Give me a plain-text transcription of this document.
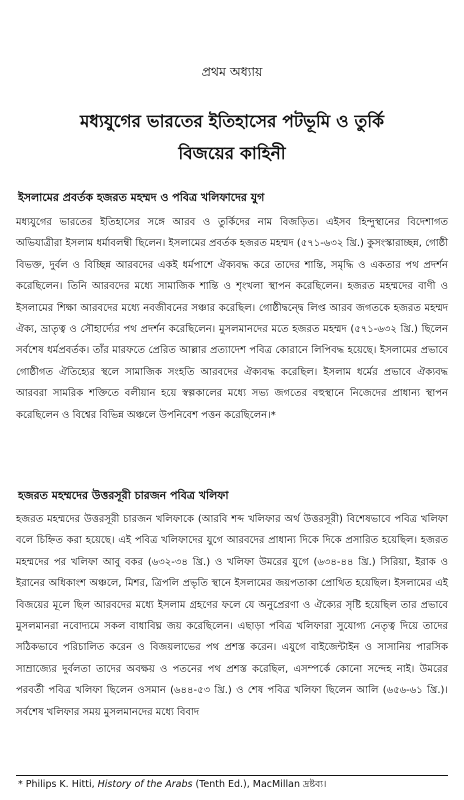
প্রথম অধ্যায়
মধ্যযুগের ভারতের ইতিহাসের পটভূমি ও তুর্কি
বিজয়ের কাহিনী
ইসলামের প্রবর্তক হজরত মহম্মদ ও পবিত্র খলিফাদের যুগ

মধ্যযুগের ভারতের ইতিহাসের সঙ্গে আরব ও তুর্কিদের নাম বিজড়িত। এইসব হিন্দুস্থানের বিদেশাগত অভিযাত্রীরা ইসলাম ধর্মাবলম্বী ছিলেন। ইসলামের প্রবর্তক হজরত মহম্মদ (৫৭১-৬৩২ খ্রি.) কুসংস্কারাচ্ছন্ন, গোষ্ঠী বিভক্ত, দুর্বল ও বিচ্ছিন্ন আরবদের একই ধর্মপাশে ঐক্যবদ্ধ করে তাদের শান্তি, সমৃদ্ধি ও একতার পথ প্রদর্শন করেছিলেন। তিনি আরবদের মধ্যে সামাজিক শান্তি ও শৃংখলা স্থাপন করেছিলেন। হজরত মহম্মদের বাণী ও ইসলামের শিক্ষা আরবদের মধ্যে নবজীবনের সঞ্চার করেছিল। গোষ্ঠীদ্বন্দ্বে লিপ্ত আরব জগতকে হজরত মহম্মদ ঐক্য, ভ্রাতৃত্ব ও সৌহার্দ্যের পথ প্রদর্শন করেছিলেন। মুসলমানদের মতে হজরত মহম্মদ (৫৭১-৬৩২ খ্রি.) ছিলেন সর্বশেষ ধর্মপ্রবর্তক। তাঁর মারফতে প্রেরিত আল্লার প্রত্যাদেশ পবিত্র কোরানে লিপিবদ্ধ হয়েছে। ইসলামের প্রভাবে গোষ্ঠীগত ঐতিহ্যের স্থলে সামাজিক সংহতি আরবদের ঐক্যবদ্ধ করেছিল। ইসলাম ধর্মের প্রভাবে ঐক্যবদ্ধ আরবরা সামরিক শক্তিতে বলীয়ান হয়ে স্বল্পকালের মধ্যে সভ্য জগতের বহুস্থানে নিজেদের প্রাধান্য স্থাপন করেছিলেন ও বিশ্বের বিভিন্ন অঞ্চলে উপনিবেশ পত্তন করেছিলেন।*

হজরত মহম্মদের উত্তরসূরী চারজন পবিত্র খলিফা

হজরত মহম্মদের উত্তরসূরী চারজন খলিফাকে (আরবি শব্দ খলিফার অর্থ উত্তরসূরী) বিশেষভাবে পবিত্র খলিফা বলে চিহ্নিত করা হয়েছে। এই পবিত্র খলিফাদের যুগে আরবদের প্রাধান্য দিকে দিকে প্রসারিত হয়েছিল। হজরত মহম্মদের পর খলিফা আবু বকর (৬৩২-৩৪ খ্রি.) ও খলিফা উমরের যুগে (৬৩৪-৪৪ খ্রি.) সিরিয়া, ইরাক ও ইরানের অধিকাংশ অঞ্চলে, মিশর, ত্রিপলি প্রভৃতি স্থানে ইসলামের জয়পতাকা প্রোথিত হয়েছিল। ইসলামের এই বিজয়ের মূলে ছিল আরবদের মধ্যে ইসলাম গ্রহণের ফলে যে অনুপ্রেরণা ও ঐক্যের সৃষ্টি হয়েছিল তার প্রভাবে মুসলমানরা নবোদ্যমে সকল বাধাবিঘ্ন জয় করেছিলেন। এছাড়া পবিত্র খলিফারা সুযোগ্য নেতৃত্ব দিয়ে তাদের সঠিকভাবে পরিচালিত করেন ও বিজয়লাভের পথ প্রশস্ত করেন। এযুগে বাইজেন্টাইন ও সাসানিয় পারসিক সাম্রাজ্যের দুর্বলতা তাদের অবক্ষয় ও পতনের পথ প্রশস্ত করেছিল, এসম্পর্কে কোনো সন্দেহ নাই। উমরের পরবর্তী পবিত্র খলিফা ছিলেন ওসমান (৬৪৪-৫৩ খ্রি.) ও শেষ পবিত্র খলিফা ছিলেন আলি (৬৫৬-৬১ খ্রি.)। সর্বশেষ খলিফার সময় মুসলমানদের মধ্যে বিবাদ

* Philips K. Hitti, History of the Arabs (Tenth Ed.), MacMillan দ্রষ্টব্য।
